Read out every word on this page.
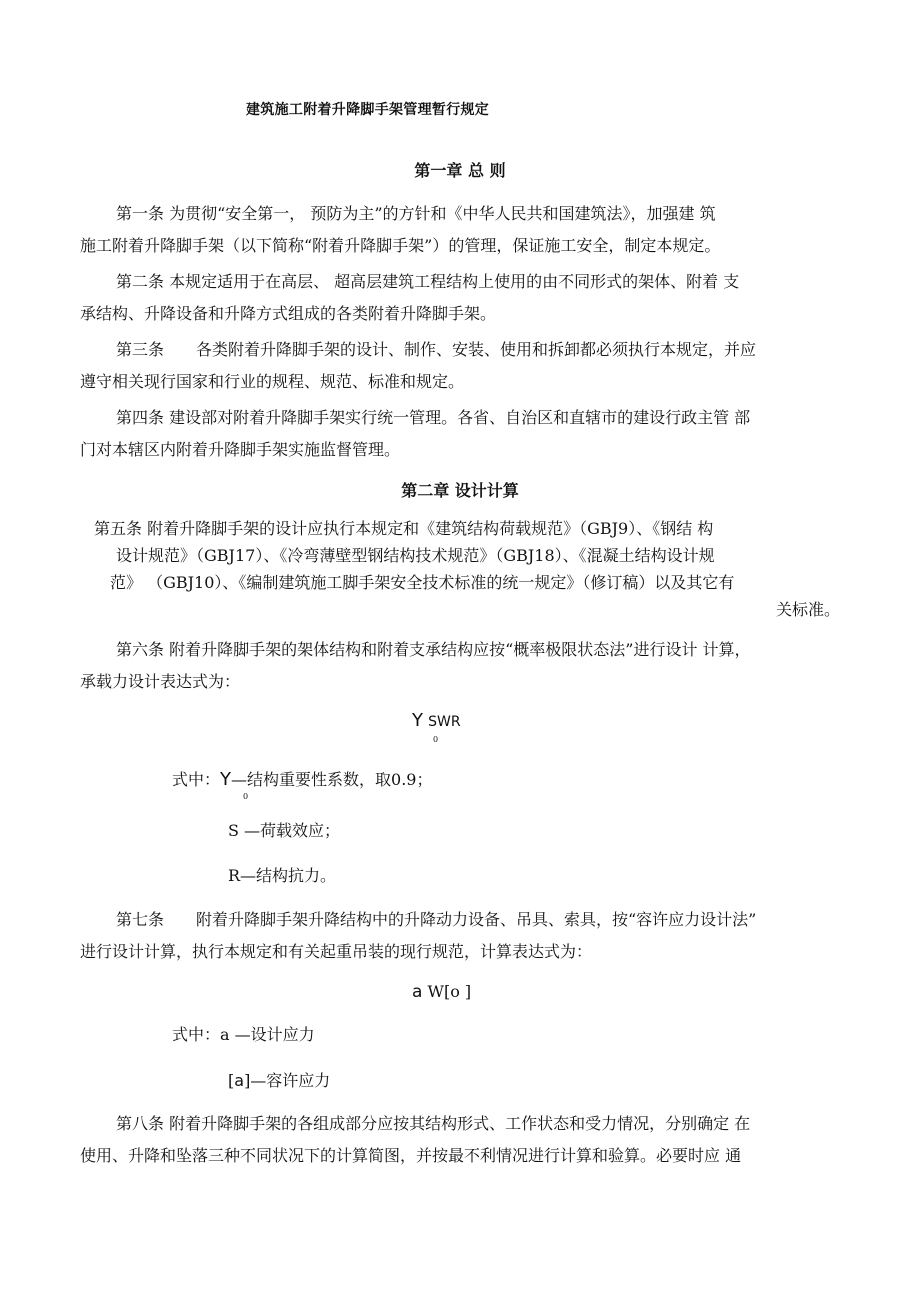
建筑施工附着升降脚手架管理暂行规定
第一章 总 则
第一条 为贯彻“安全第一， 预防为主”的方针和《中华人民共和国建筑法》，加强建 筑
施工附着升降脚手架（以下简称“附着升降脚手架”）的管理，保证施工安全，制定本规定。
第二条 本规定适用于在高层、 超高层建筑工程结构上使用的由不同形式的架体、附着 支
承结构、升降设备和升降方式组成的各类附着升降脚手架。
第三条　　各类附着升降脚手架的设计、制作、安装、使用和拆卸都必须执行本规定，并应
遵守相关现行国家和行业的规程、规范、标准和规定。
第四条 建设部对附着升降脚手架实行统一管理。各省、自治区和直辖市的建设行政主管 部
门对本辖区内附着升降脚手架实施监督管理。
第二章 设计计算
第五条 附着升降脚手架的设计应执行本规定和《建筑结构荷载规范》（GBJ9）、《钢结 构
设计规范》（GBJ17）、《冷弯薄壁型钢结构技术规范》（GBJ18）、《混凝土结构设计规
范》 （GBJ10）、《编制建筑施工脚手架安全技术标准的统一规定》（修订稿）以及其它有
关标准。
第六条 附着升降脚手架的架体结构和附着支承结构应按“概率极限状态法”进行设计 计算，
承载力设计表达式为：
Y SWR
0
式中：Y—结构重要性系数，取0.9；
0
S —荷载效应；
R—结构抗力。
第七条　　附着升降脚手架升降结构中的升降动力设备、吊具、索具，按“容许应力设计法”
进行设计计算，执行本规定和有关起重吊装的现行规范，计算表达式为：
a W[o ]
式中：a —设计应力
[a]—容许应力
第八条 附着升降脚手架的各组成部分应按其结构形式、工作状态和受力情况，分别确定 在
使用、升降和坠落三种不同状况下的计算简图，并按最不利情况进行计算和验算。必要时应 通
